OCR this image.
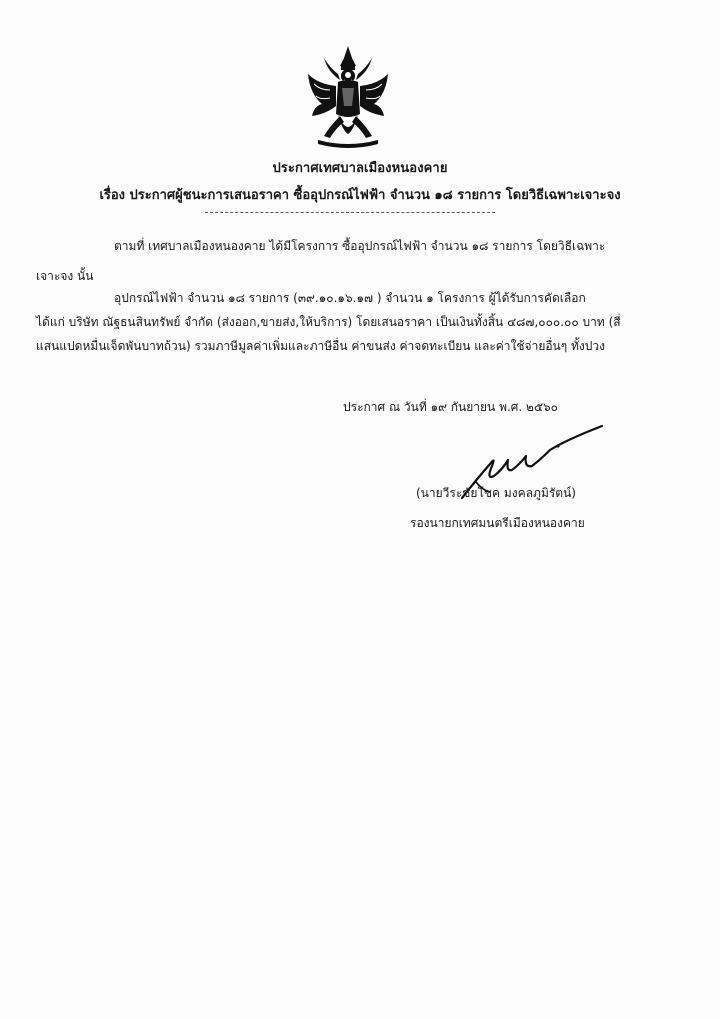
ประกาศเทศบาลเมืองหนองคาย
เรื่อง ประกาศผู้ชนะการเสนอราคา ซื้ออุปกรณ์ไฟฟ้า จำนวน ๑๘ รายการ โดยวิธีเฉพาะเจาะจง
ตามที่ เทศบาลเมืองหนองคาย ได้มีโครงการ ซื้ออุปกรณ์ไฟฟ้า จำนวน ๑๘ รายการ โดยวิธีเฉพาะ
เจาะจง นั้น
อุปกรณ์ไฟฟ้า จำนวน ๑๘ รายการ (๓๙.๑๐.๑๖.๑๗ ) จำนวน ๑ โครงการ ผู้ได้รับการคัดเลือก
ได้แก่ บริษัท ณัฐธนสินทรัพย์ จำกัด (ส่งออก,ขายส่ง,ให้บริการ) โดยเสนอราคา เป็นเงินทั้งสิ้น ๔๘๗,๐๐๐.๐๐ บาท (สี่
แสนแปดหมื่นเจ็ดพันบาทถ้วน) รวมภาษีมูลค่าเพิ่มและภาษีอื่น ค่าขนส่ง ค่าจดทะเบียน และค่าใช้จ่ายอื่นๆ ทั้งปวง
ประกาศ ณ วันที่ ๑๙ กันยายน พ.ศ. ๒๕๖๐
(นายวีระชัยโชค มงคลภูมิรัตน์)
รองนายกเทศมนตรีเมืองหนองคาย
